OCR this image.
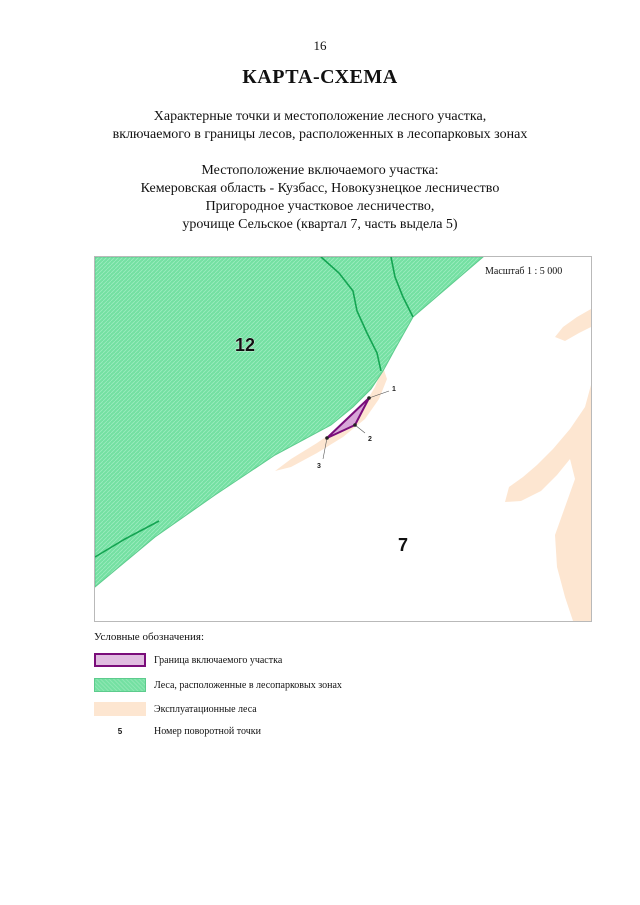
16
КАРТА-СХЕМА
Характерные точки и местоположение лесного участка,
включаемого в границы лесов, расположенных в лесопарковых зонах
Местоположение включаемого участка:
Кемеровская область - Кузбасс, Новокузнецкое лесничество
Пригородное участковое лесничество,
урочище Сельское (квартал 7, часть выдела 5)
1
2
3
12
7
Масштаб 1 : 5 000
Условные обозначения:
Граница включаемого участка
Леса, расположенные в лесопарковых зонах
Эксплуатационные леса
5	Номер поворотной точки
